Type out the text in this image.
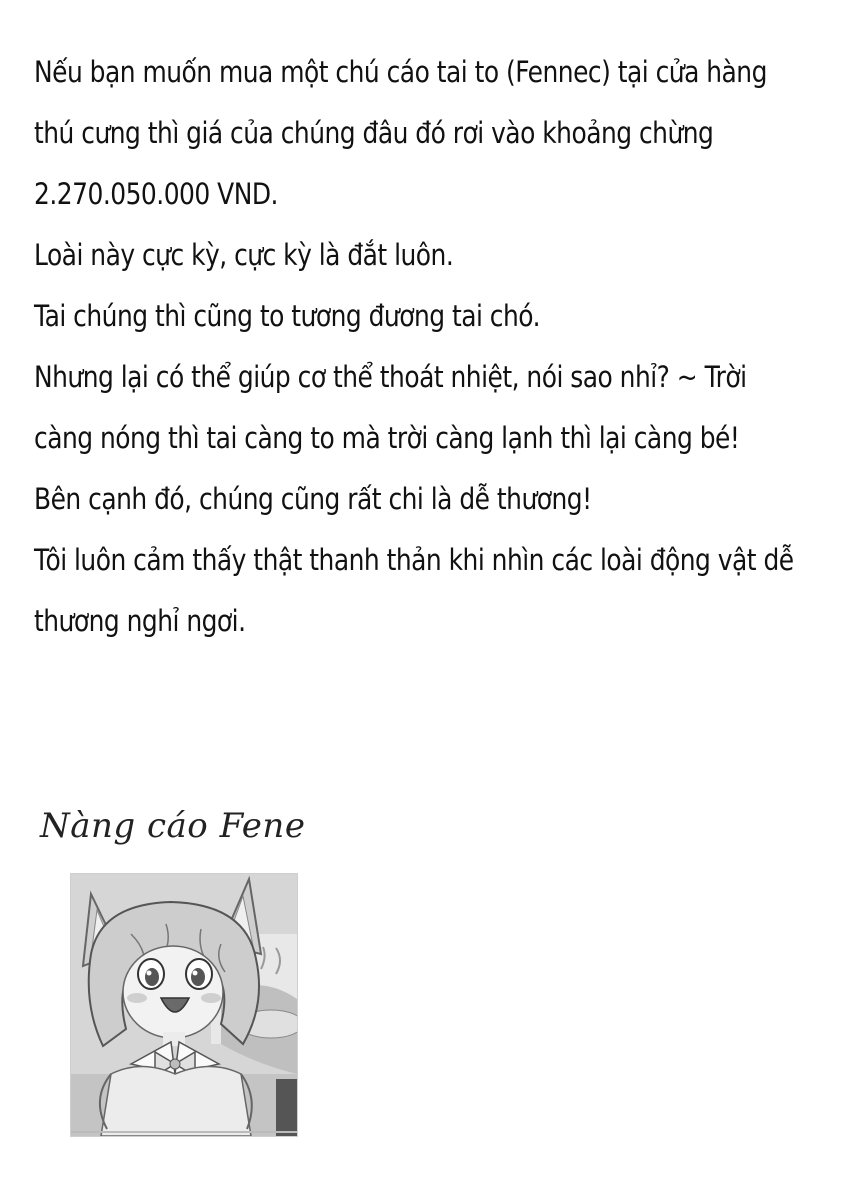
Nếu bạn muốn mua một chú cáo tai to (Fennec) tại cửa hàng
thú cưng thì giá của chúng đâu đó rơi vào khoảng chừng
2.270.050.000 VND.
Loài này cực kỳ, cực kỳ là đắt luôn.
Tai chúng thì cũng to tương đương tai chó.
Nhưng lại có thể giúp cơ thể thoát nhiệt, nói sao nhỉ? ~ Trời
càng nóng thì tai càng to mà trời càng lạnh thì lại càng bé!
Bên cạnh đó, chúng cũng rất chi là dễ thương!
Tôi luôn cảm thấy thật thanh thản khi nhìn các loài động vật dễ
thương nghỉ ngơi.
Nàng cáo Fene
